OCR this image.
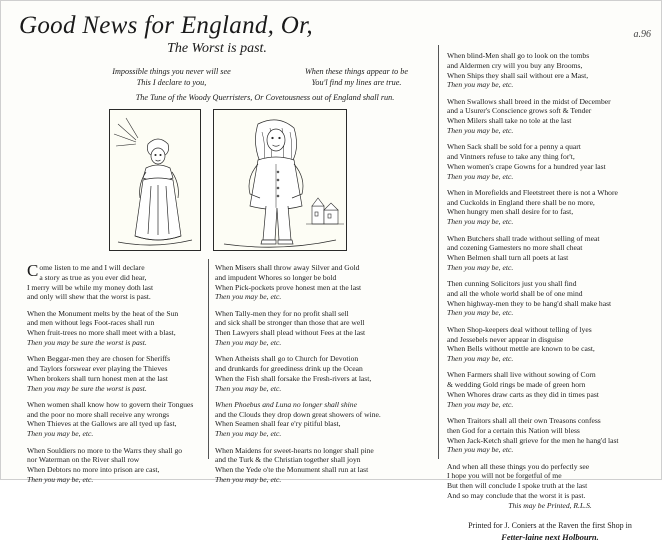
a.96
Good News for England, Or,
The Worst is past.
Impossible things you never will see
This I declare to you,
When these things appear to be
You'l find my lines are true.
The Tune of the Woody Querristers, Or Covetousness out of England shall run.
C ome listen to me and I will declare
a story as true as you ever did hear,
I merry will be while my money doth last
and only will shew that the worst is past.
When the Monument melts by the heat of the Sun
and men without legs Foot-races shall run
When fruit-trees no more shall meet with a blast,
Then you may be sure the worst is past.
When Beggar-men they are chosen for Sheriffs
and Taylors forswear ever playing the Thieves
When brokers shall turn honest men at the last
Then you may be sure the worst is past.
When women shall know how to govern their Tongues
and the poor no more shall receive any wrongs
When Thieves at the Gallows are all tyed up fast,
Then you may be, etc.
When Souldiers no more to the Warrs they shall go
nor Waterman on the River shall row
When Debtors no more into prison are cast,
Then you may be, etc.
When Misers shall throw away Silver and Gold
and impudent Whores so longer be bold
When Pick-pockets prove honest men at the last
Then you may be, etc.
When Tally-men they for no profit shall sell
and sick shall be stronger than those that are well
Then Lawyers shall plead without Fees at the last
Then you may be, etc.
When Atheists shall go to Church for Devotion
and drunkards for greediness drink up the Ocean
When the Fish shall forsake the Fresh-rivers at last,
Then you may be, etc.
When Phoebus and Luna no longer shall shine
and the Clouds they drop down great showers of wine.
When Seamen shall fear e'ry pitiful blast,
Then you may be, etc.
When Maidens for sweet-hearts no longer shall pine
and the Turk & the Christian together shall joyn
When the Yede o'te the Monument shall run at last
Then you may be, etc.
When blind-Men shall go to look on the tombs
and Aldermen cry will you buy any Brooms,
When Ships they shall sail without ere a Mast,
Then you may be, etc.
When Swallows shall breed in the midst of December
and a Usurer's Conscience grows soft & Tender
When Milers shall take no tole at the last
Then you may be, etc.
When Sack shall be sold for a penny a quart
and Vintners refuse to take any thing for't,
When women's crape Gowns for a hundred year last
Then you may be, etc.
When in Morefields and Fleetstreet there is not a Whore
and Cuckolds in England there shall be no more,
When hungry men shall desire for to fast,
Then you may be, etc.
When Butchers shall trade without selling of meat
and cozening Gamesters no more shall cheat
When Belmen shall turn all poets at last
Then you may be, etc.
Then cunning Solicitors just you shall find
and all the whole world shall be of one mind
When highway-men they to be hang'd shall make hast
Then you may be, etc.
When Shop-keepers deal without telling of lyes
and Jessebels never appear in disguise
When Bells without mettle are known to be cast,
Then you may be, etc.
When Farmers shall live without sowing of Corn
& wedding Gold rings be made of green horn
When Whores draw carts as they did in times past
Then you may be, etc.
When Traitors shall all their own Treasons confess
then God for a certain this Nation will bless
When Jack-Ketch shall grieve for the men he hang'd last
Then you may be, etc.
And when all these things you do perfectly see
I hope you will not be forgetful of me
But then will conclude I spoke truth at the last
And so may conclude that the worst it is past.
This may be Printed, R.L.S.
Printed for J. Coniers at the Raven the first Shop in
Fetter-laine next Holbourn.
